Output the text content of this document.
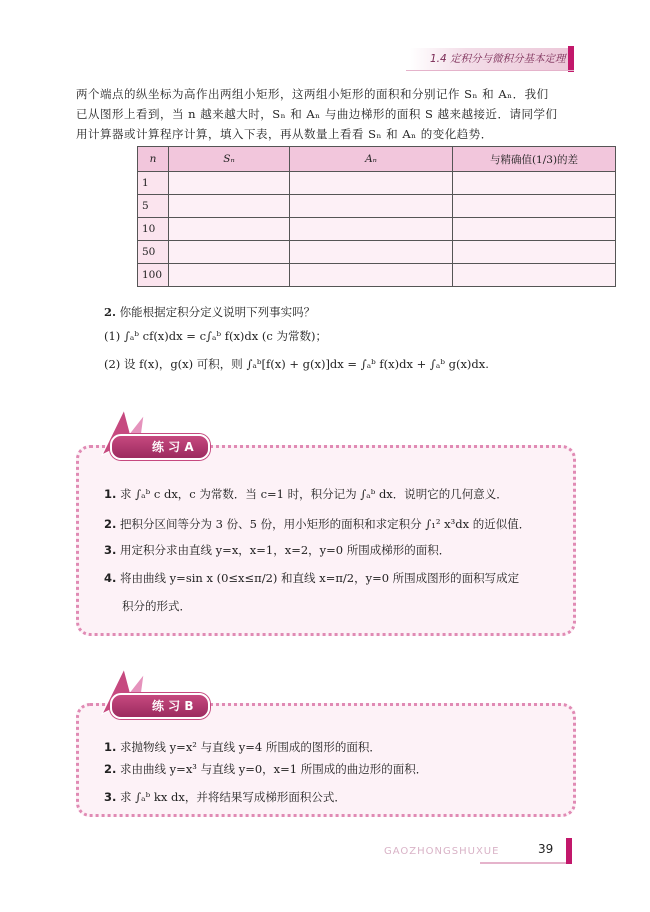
1.4 定积分与微积分基本定理

两个端点的纵坐标为高作出两组小矩形，这两组小矩形的面积和分别记作 Sₙ 和 Aₙ．我们

已从图形上看到，当 n 越来越大时，Sₙ 和 Aₙ 与曲边梯形的面积 S 越来越接近．请同学们

用计算器或计算程序计算，填入下表，再从数量上看看 Sₙ 和 Aₙ 的变化趋势．

n	Sₙ	Aₙ	与精确值(1/3)的差
1			
5			
10			
50			
100			
2. 你能根据定积分定义说明下列事实吗？
(1) ∫ₐᵇ cf(x)dx = c∫ₐᵇ f(x)dx (c 为常数)；
(2) 设 f(x)，g(x) 可积，则 ∫ₐᵇ[f(x) + g(x)]dx = ∫ₐᵇ f(x)dx + ∫ₐᵇ g(x)dx.
练 习 A

1. 求 ∫ₐᵇ c dx，c 为常数．当 c=1 时，积分记为 ∫ₐᵇ dx．说明它的几何意义．

2. 把积分区间等分为 3 份、5 份，用小矩形的面积和求定积分 ∫₁² x³dx 的近似值．

3. 用定积分求由直线 y=x，x=1，x=2，y=0 所围成梯形的面积．

4. 将由曲线 y=sin x (0≤x≤π/2) 和直线 x=π/2，y=0 所围成图形的面积写成定

积分的形式．

练 习 B

1. 求抛物线 y=x² 与直线 y=4 所围成的图形的面积．

2. 求由曲线 y=x³ 与直线 y=0，x=1 所围成的曲边形的面积．

3. 求 ∫ₐᵇ kx dx，并将结果写成梯形面积公式．

GAOZHONGSHUXUE	39
